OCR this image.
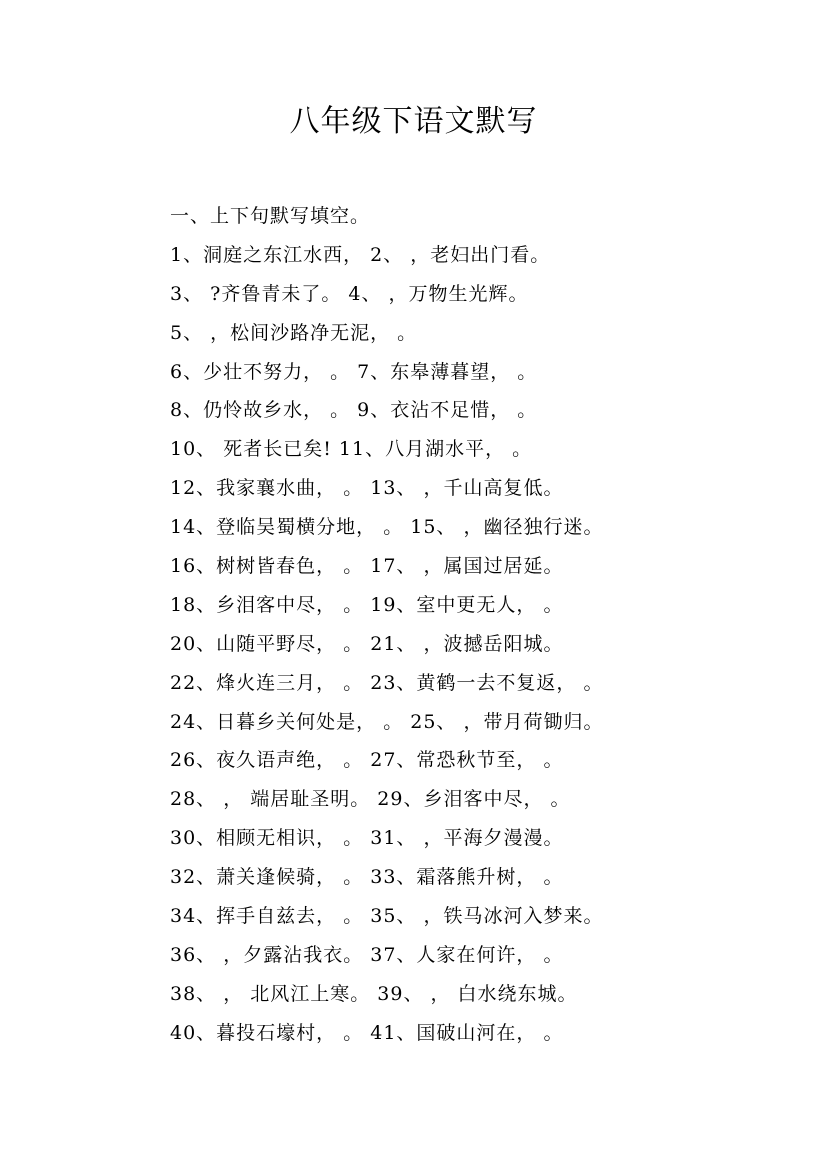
八年级下语文默写
一、上下句默写填空。
1、洞庭之东江水西， 2、 ，老妇出门看。
3、 ?齐鲁青未了。 4、 ，万物生光辉。
5、 ，松间沙路净无泥， 。
6、少壮不努力， 。 7、东皋薄暮望， 。
8、仍怜故乡水， 。 9、衣沾不足惜， 。
10、 死者长已矣! 11、八月湖水平， 。
12、我家襄水曲， 。 13、 ，千山高复低。
14、登临吴蜀横分地， 。 15、 ，幽径独行迷。
16、树树皆春色， 。 17、 ，属国过居延。
18、乡泪客中尽， 。 19、室中更无人， 。
20、山随平野尽， 。 21、 ，波撼岳阳城。
22、烽火连三月， 。 23、黄鹤一去不复返， 。
24、日暮乡关何处是， 。 25、 ，带月荷锄归。
26、夜久语声绝， 。 27、常恐秋节至， 。
28、 ， 端居耻圣明。 29、乡泪客中尽， 。
30、相顾无相识， 。 31、 ，平海夕漫漫。
32、萧关逢候骑， 。 33、霜落熊升树， 。
34、挥手自兹去， 。 35、 ，铁马冰河入梦来。
36、 ，夕露沾我衣。 37、人家在何许， 。
38、 ， 北风江上寒。 39、 ， 白水绕东城。
40、暮投石壕村， 。 41、国破山河在， 。
